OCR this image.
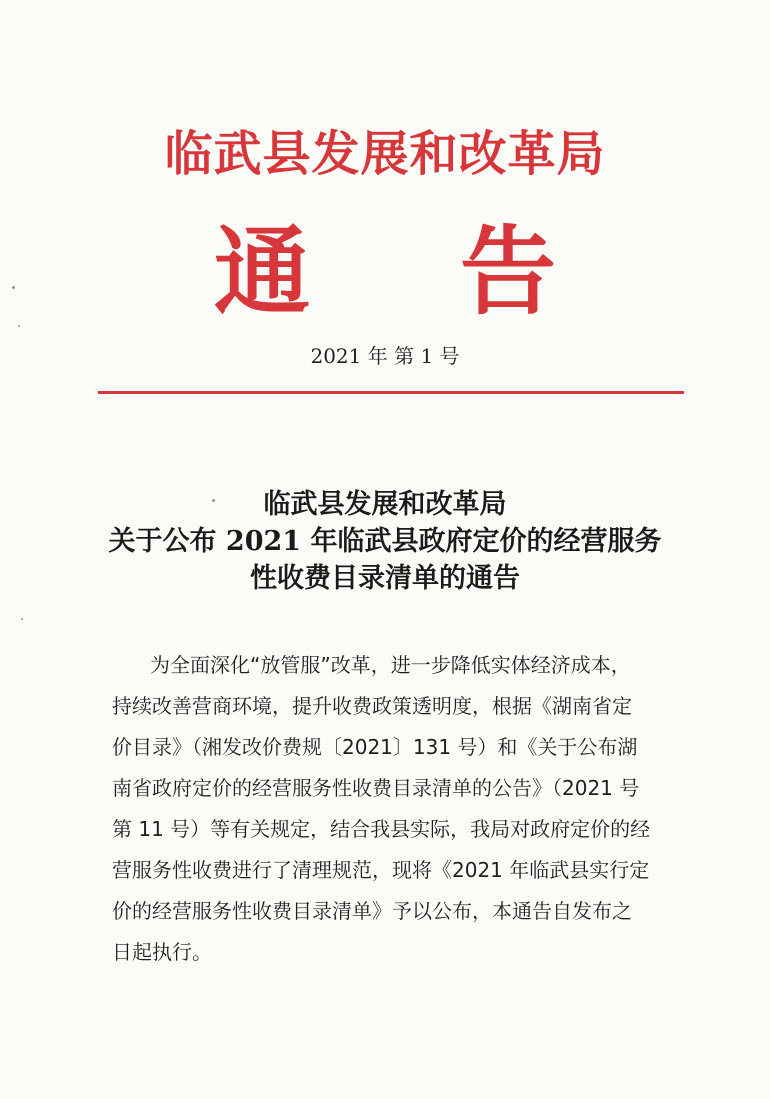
临武县发展和改革局
通告
2021 年 第 1 号
临武县发展和改革局
关于公布 2021 年临武县政府定价的经营服务
性收费目录清单的通告
为全面深化“放管服”改革，进一步降低实体经济成本，
持续改善营商环境，提升收费政策透明度，根据《湖南省定
价目录》（湘发改价费规〔2021〕131 号）和《关于公布湖
南省政府定价的经营服务性收费目录清单的公告》（2021 号
第 11 号）等有关规定，结合我县实际，我局对政府定价的经
营服务性收费进行了清理规范，现将《2021 年临武县实行定
价的经营服务性收费目录清单》予以公布，本通告自发布之
日起执行。
